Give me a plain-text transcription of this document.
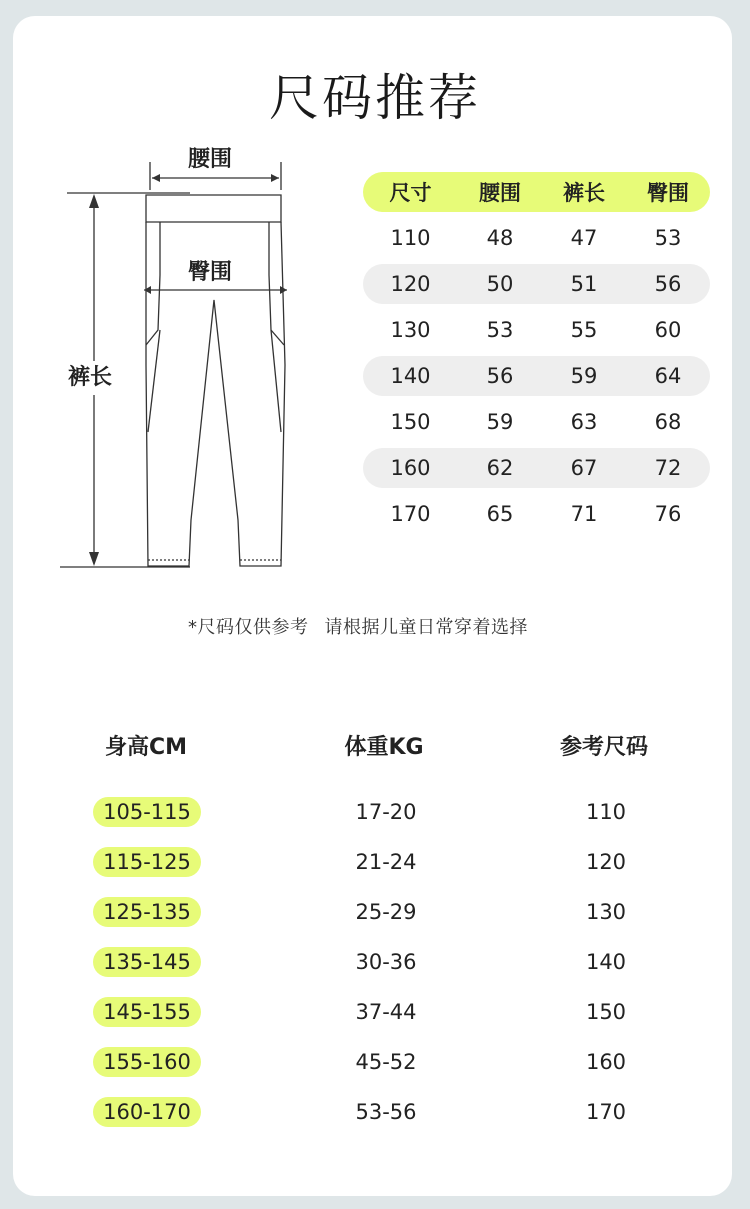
尺码推荐
腰围
臀围
裤长
尺寸	腰围	裤长	臀围
110	48	47	53
120	50	51	56
130	53	55	60
140	56	59	64
150	59	63	68
160	62	67	72
170	65	71	76
*尺码仅供参考 请根据儿童日常穿着选择
身高CM	体重KG	参考尺码
105-115	17-20	110
115-125	21-24	120
125-135	25-29	130
135-145	30-36	140
145-155	37-44	150
155-160	45-52	160
160-170	53-56	170
